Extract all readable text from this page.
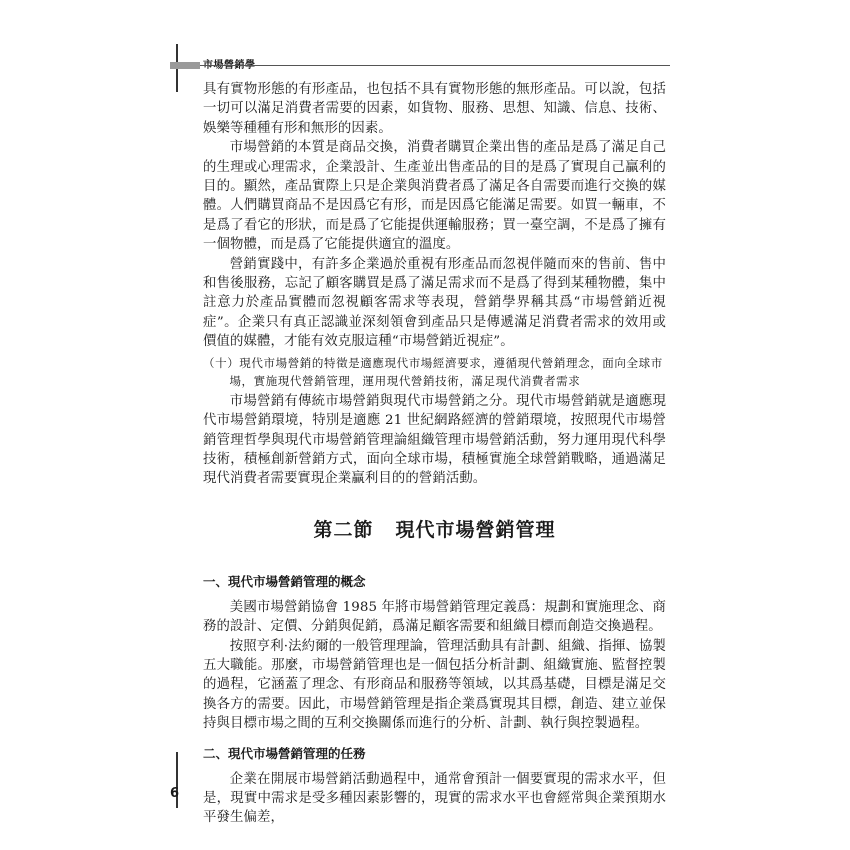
具有實物形態的有形產品，也包括不具有實物形態的無形產品。可以說，包括一切可以滿足消費者需要的因素，如貨物、服務、思想、知識、信息、技術、娛樂等種種有形和無形的因素。

市場營銷的本質是商品交換，消費者購買企業出售的產品是爲了滿足自己的生理或心理需求，企業設計、生產並出售產品的目的是爲了實現自己贏利的目的。顯然，產品實際上只是企業與消費者爲了滿足各自需要而進行交換的媒體。人們購買商品不是因爲它有形，而是因爲它能滿足需要。如買一輛車，不是爲了看它的形狀，而是爲了它能提供運輸服務；買一臺空調，不是爲了擁有一個物體，而是爲了它能提供適宜的溫度。

營銷實踐中，有許多企業過於重視有形產品而忽視伴隨而來的售前、售中和售後服務，忘記了顧客購買是爲了滿足需求而不是爲了得到某種物體，集中註意力於產品實體而忽視顧客需求等表現，營銷學界稱其爲“市場營銷近視症”。企業只有真正認識並深刻領會到產品只是傳遞滿足消費者需求的效用或價值的媒體，才能有效克服這種“市場營銷近視症”。

（十）現代市場營銷的特徵是適應現代市場經濟要求，遵循現代營銷理念，面向全球市場，實施現代營銷管理，運用現代營銷技術，滿足現代消費者需求

市場營銷有傳統市場營銷與現代市場營銷之分。現代市場營銷就是適應現代市場營銷環境，特別是適應 21 世紀網路經濟的營銷環境，按照現代市場營銷管理哲學與現代市場營銷管理論組織管理市場營銷活動，努力運用現代科學技術，積極創新營銷方式，面向全球市場，積極實施全球營銷戰略，通過滿足現代消費者需要實現企業贏利目的的營銷活動。

第二節 現代市場營銷管理
一、現代市場營銷管理的概念

美國市場營銷協會 1985 年將市場營銷管理定義爲：規劃和實施理念、商務的設計、定價、分銷與促銷，爲滿足顧客需要和組織目標而創造交換過程。

按照亨利·法約爾的一般管理理論，管理活動具有計劃、組織、指揮、協製五大職能。那麼，市場營銷管理也是一個包括分析計劃、組織實施、監督控製的過程，它涵蓋了理念、有形商品和服務等領域，以其爲基礎，目標是滿足交換各方的需要。因此，市場營銷管理是指企業爲實現其目標，創造、建立並保持與目標市場之間的互利交換關係而進行的分析、計劃、執行與控製過程。

二、現代市場營銷管理的任務

企業在開展市場營銷活動過程中，通常會預計一個要實現的需求水平，但是，現實中需求是受多種因素影響的，現實的需求水平也會經常與企業預期水平發生偏差，

6
